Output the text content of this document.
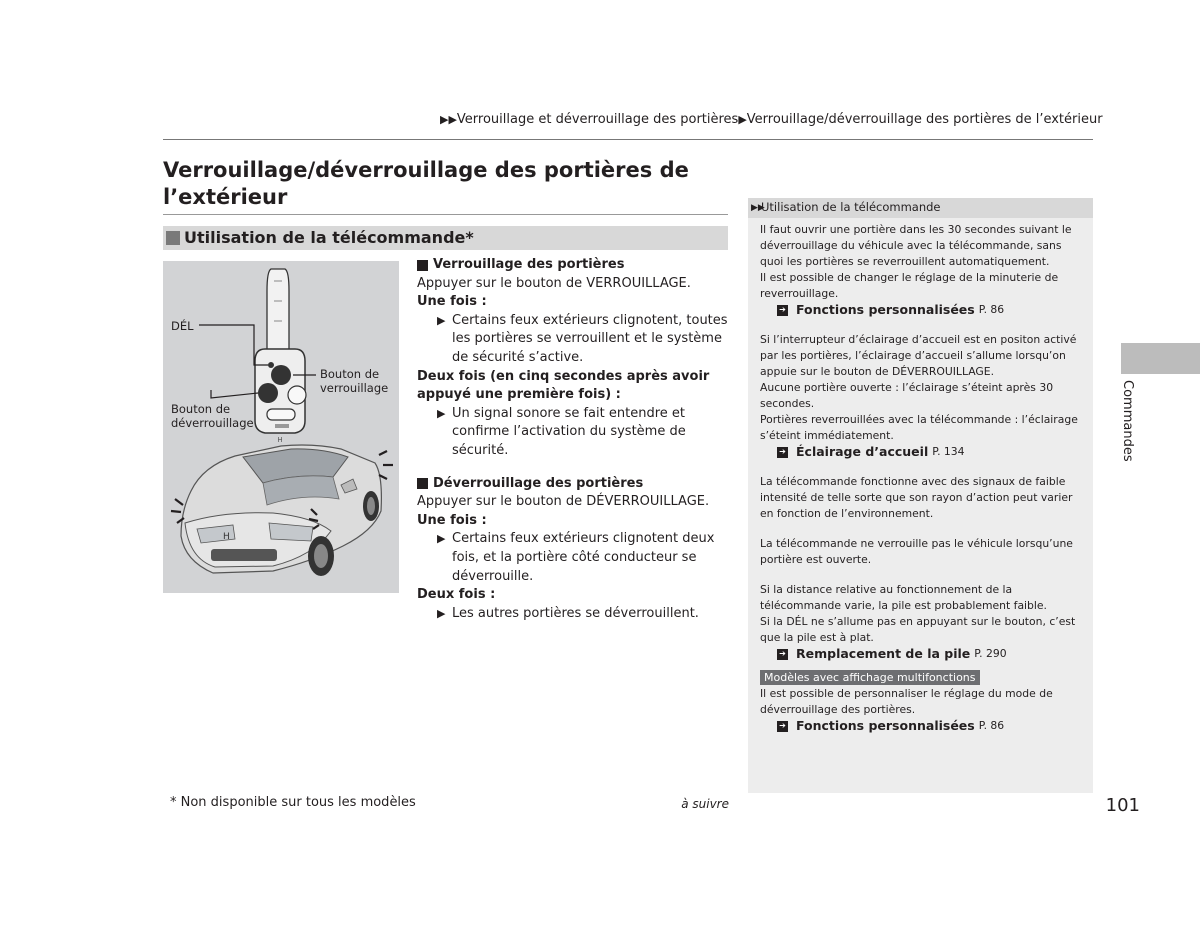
▶▶Verrouillage et déverrouillage des portières▶Verrouillage/déverrouillage des portières de l’extérieur
Verrouillage/déverrouillage des portières de l’extérieur
Utilisation de la télécommande*
H
H
DÉL
Bouton de verrouillage
Bouton de déverrouillage
Verrouillage des portières
Appuyer sur le bouton de VERROUILLAGE.
Une fois :
▶ Certains feux extérieurs clignotent, toutes les portières se verrouillent et le système de sécurité s’active.
Deux fois (en cinq secondes après avoir appuyé une première fois) :
▶ Un signal sonore se fait entendre et confirme l’activation du système de sécurité.
Déverrouillage des portières
Appuyer sur le bouton de DÉVERROUILLAGE.
Une fois :
▶ Certains feux extérieurs clignotent deux fois, et la portière côté conducteur se déverrouille.
Deux fois :
▶ Les autres portières se déverrouillent.
▶▶
Utilisation de la télécommande
Il faut ouvrir une portière dans les 30 secondes suivant le déverrouillage du véhicule avec la télécommande, sans quoi les portières se reverrouillent automatiquement.
Il est possible de changer le réglage de la minuterie de reverrouillage.
➔ Fonctions personnalisées P. 86
Si l’interrupteur d’éclairage d’accueil est en positon activé par les portières, l’éclairage d’accueil s’allume lorsqu’on appuie sur le bouton de DÉVERROUILLAGE.
Aucune portière ouverte : l’éclairage s’éteint après 30 secondes.
Portières reverrouillées avec la télécommande : l’éclairage s’éteint immédiatement.
➔ Éclairage d’accueil P. 134
La télécommande fonctionne avec des signaux de faible intensité de telle sorte que son rayon d’action peut varier en fonction de l’environnement.
La télécommande ne verrouille pas le véhicule lorsqu’une portière est ouverte.
Si la distance relative au fonctionnement de la télécommande varie, la pile est probablement faible.
Si la DÉL ne s’allume pas en appuyant sur le bouton, c’est que la pile est à plat.
➔ Remplacement de la pile P. 290
Modèles avec affichage multifonctions
Il est possible de personnaliser le réglage du mode de déverrouillage des portières.
➔ Fonctions personnalisées P. 86
Commandes
* Non disponible sur tous les modèles	à suivre	101
